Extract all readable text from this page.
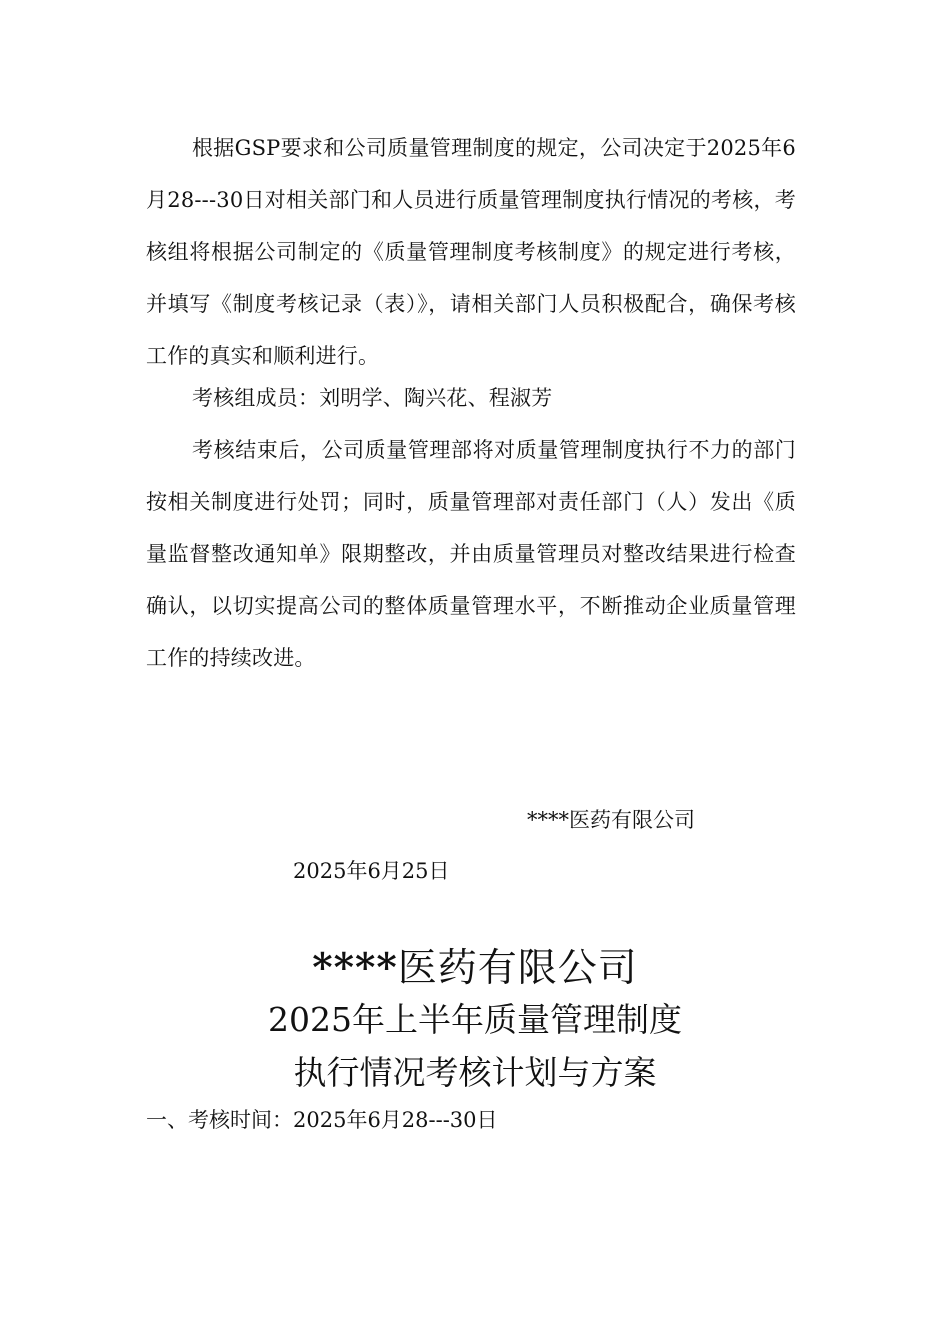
根据GSP要求和公司质量管理制度的规定，公司决定于2025年6月28---30日对相关部门和人员进行质量管理制度执行情况的考核，考核组将根据公司制定的《质量管理制度考核制度》的规定进行考核，并填写《制度考核记录（表）》，请相关部门人员积极配合，确保考核工作的真实和顺利进行。

考核组成员：刘明学、陶兴花、程淑芳

考核结束后，公司质量管理部将对质量管理制度执行不力的部门按相关制度进行处罚；同时，质量管理部对责任部门（人）发出《质量监督整改通知单》限期整改，并由质量管理员对整改结果进行检查确认，以切实提高公司的整体质量管理水平，不断推动企业质量管理工作的持续改进。

****医药有限公司
2025年6月25日
****医药有限公司
2025年上半年质量管理制度
执行情况考核计划与方案
一、考核时间：2025年6月28---30日
